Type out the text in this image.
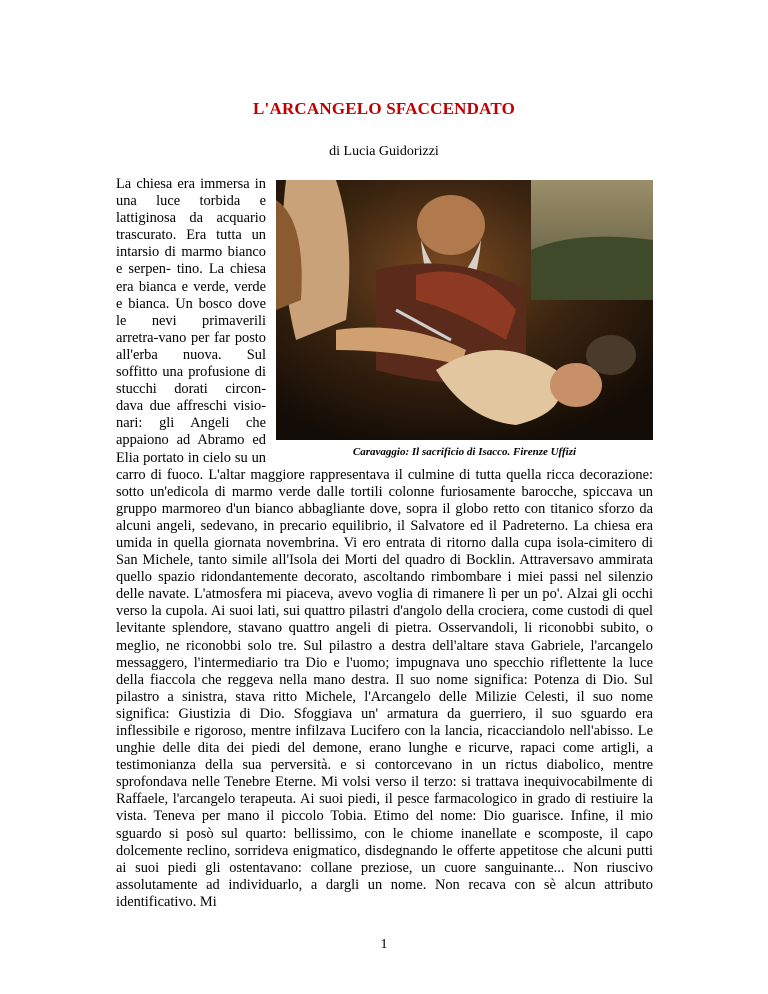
L'ARCANGELO SFACCENDATO
di Lucia Guidorizzi
Caravaggio: Il sacrificio di Isacco. Firenze Uffizi
La chiesa era immersa in una luce torbida e lattiginosa da acquario trascurato. Era tutta un intarsio di marmo bianco e serpen- tino. La chiesa era bianca e verde, verde e bianca. Un bosco dove le nevi primaverili arretra-vano per far posto all'erba nuova. Sul soffitto una profusione di stucchi dorati circon- dava due affreschi visio- nari: gli Angeli che appaiono ad Abramo ed Elia portato in cielo su un carro di fuoco. L'altar maggiore rappresentava il culmine di tutta quella ricca decorazione: sotto un'edicola di marmo verde dalle tortili colonne furiosamente barocche, spiccava un gruppo marmoreo d'un bianco abbagliante dove, sopra il globo retto con titanico sforzo da alcuni angeli, sedevano, in precario equilibrio, il Salvatore ed il Padreterno. La chiesa era umida in quella giornata novembrina. Vi ero entrata di ritorno dalla cupa isola-cimitero di San Michele, tanto simile all'Isola dei Morti del quadro di Bocklin. Attraversavo ammirata quello spazio ridondantemente decorato, ascoltando rimbombare i miei passi nel silenzio delle navate. L'atmosfera mi piaceva, avevo voglia di rimanere lì per un po'. Alzai gli occhi verso la cupola. Ai suoi lati, sui quattro pilastri d'angolo della crociera, come custodi di quel levitante splendore, stavano quattro angeli di pietra. Osservandoli, li riconobbi subito, o meglio, ne riconobbi solo tre. Sul pilastro a destra dell'altare stava Gabriele, l'arcangelo messaggero, l'intermediario tra Dio e l'uomo; impugnava uno specchio riflettente la luce della fiaccola che reggeva nella mano destra. Il suo nome significa: Potenza di Dio. Sul pilastro a sinistra, stava ritto Michele, l'Arcangelo delle Milizie Celesti, il suo nome significa: Giustizia di Dio. Sfoggiava un' armatura da guerriero, il suo sguardo era inflessibile e rigoroso, mentre infilzava Lucifero con la lancia, ricacciandolo nell'abisso. Le unghie delle dita dei piedi del demone, erano lunghe e ricurve, rapaci come artigli, a testimonianza della sua perversità. e si contorcevano in un rictus diabolico, mentre sprofondava nelle Tenebre Eterne. Mi volsi verso il terzo: si trattava inequivocabilmente di Raffaele, l'arcangelo terapeuta. Ai suoi piedi, il pesce farmacologico in grado di restiuire la vista. Teneva per mano il piccolo Tobia. Etimo del nome: Dio guarisce. Infine, il mio sguardo si posò sul quarto: bellissimo, con le chiome inanellate e scomposte, il capo dolcemente reclino, sorrideva enigmatico, disdegnando le offerte appetitose che alcuni putti ai suoi piedi gli ostentavano: collane preziose, un cuore sanguinante... Non riuscivo assolutamente ad individuarlo, a dargli un nome. Non recava con sè alcun attributo identificativo. Mi
1
